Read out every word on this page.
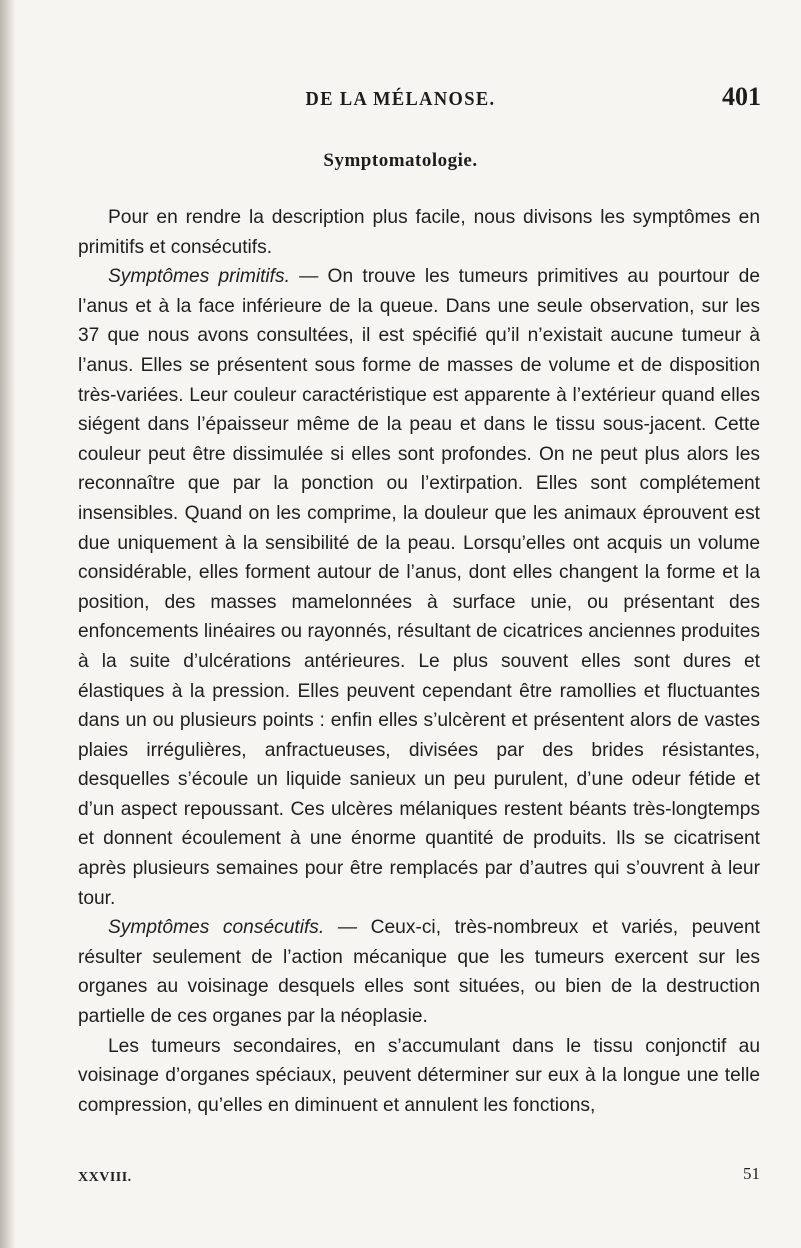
DE LA MÉLANOSE.	401
Symptomatologie.

Pour en rendre la description plus facile, nous divisons les symptômes en primitifs et consécutifs.

Symptômes primitifs. — On trouve les tumeurs primitives au pourtour de l’anus et à la face inférieure de la queue. Dans une seule observation, sur les 37 que nous avons consultées, il est spécifié qu’il n’existait aucune tumeur à l’anus. Elles se présentent sous forme de masses de volume et de disposition très-variées. Leur couleur caractéristique est apparente à l’extérieur quand elles siégent dans l’épaisseur même de la peau et dans le tissu sous-jacent. Cette couleur peut être dissimulée si elles sont profondes. On ne peut plus alors les reconnaître que par la ponction ou l’extirpation. Elles sont complétement insensibles. Quand on les comprime, la douleur que les animaux éprouvent est due uniquement à la sensibilité de la peau. Lorsqu’elles ont acquis un volume considérable, elles forment autour de l’anus, dont elles changent la forme et la position, des masses mamelonnées à surface unie, ou présentant des enfoncements linéaires ou rayonnés, résultant de cicatrices anciennes produites à la suite d’ulcérations antérieures. Le plus souvent elles sont dures et élastiques à la pression. Elles peuvent cependant être ramollies et fluctuantes dans un ou plusieurs points : enfin elles s’ulcèrent et présentent alors de vastes plaies irrégulières, anfractueuses, divisées par des brides résistantes, desquelles s’écoule un liquide sanieux un peu purulent, d’une odeur fétide et d’un aspect repoussant. Ces ulcères mélaniques restent béants très-longtemps et donnent écoulement à une énorme quantité de produits. Ils se cicatrisent après plusieurs semaines pour être remplacés par d’autres qui s’ouvrent à leur tour.

Symptômes consécutifs. — Ceux-ci, très-nombreux et variés, peuvent résulter seulement de l’action mécanique que les tumeurs exercent sur les organes au voisinage desquels elles sont situées, ou bien de la destruction partielle de ces organes par la néoplasie.

Les tumeurs secondaires, en s’accumulant dans le tissu conjonctif au voisinage d’organes spéciaux, peuvent déterminer sur eux à la longue une telle compression, qu’elles en diminuent et annulent les fonctions,

XXVIII.	51
